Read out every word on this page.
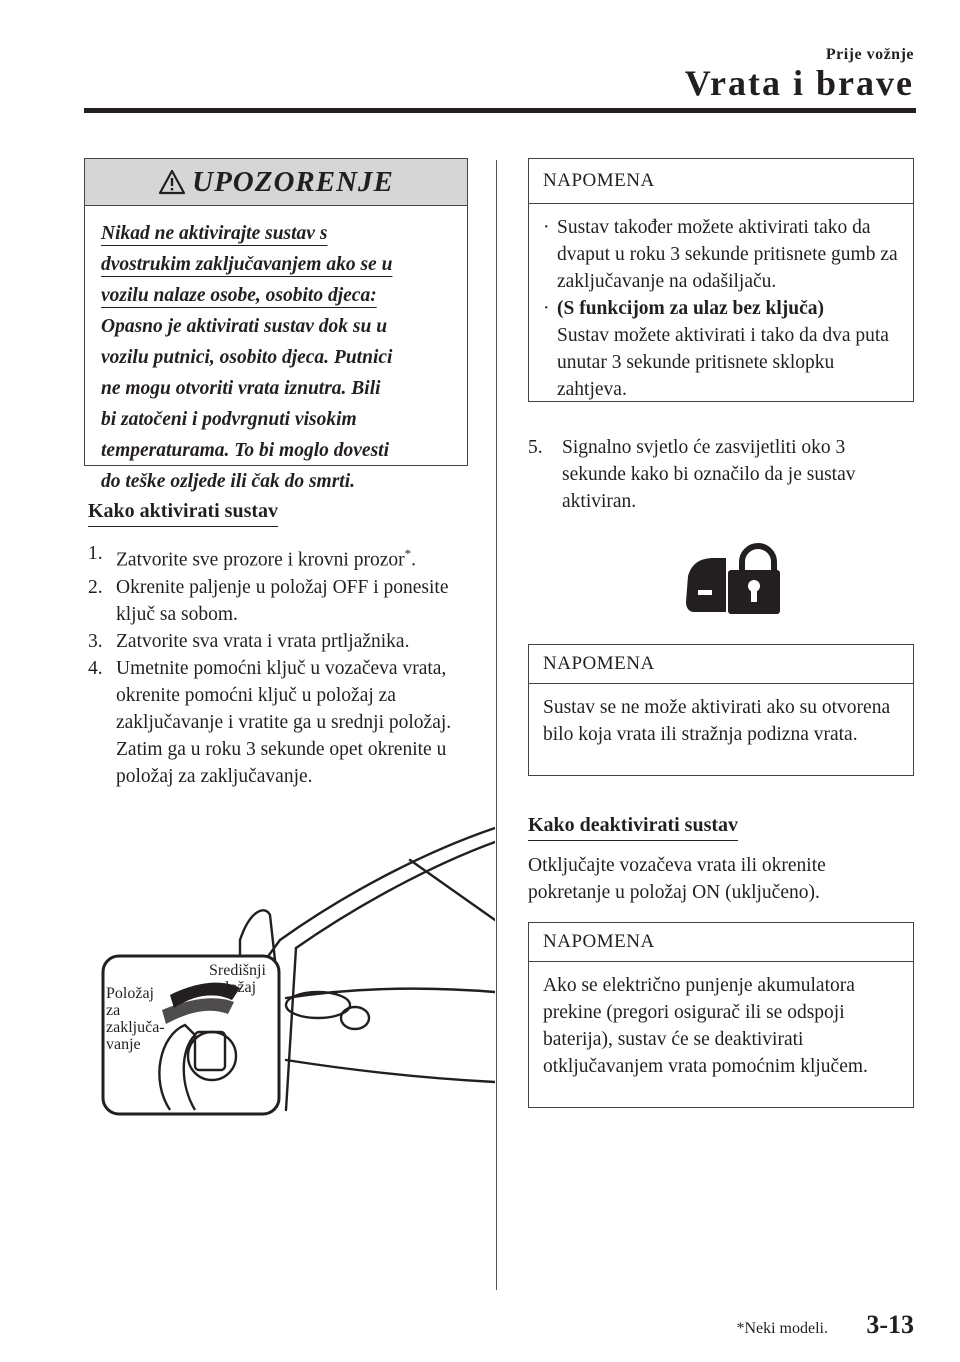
Prije vožnje
Vrata i brave
UPOZORENJE
Nikad ne aktivirajte sustav s
dvostrukim zaključavanjem ako se u
vozilu nalaze osobe, osobito djeca:
Opasno je aktivirati sustav dok su u
vozilu putnici, osobito djeca. Putnici
ne mogu otvoriti vrata iznutra. Bili
bi zatočeni i podvrgnuti visokim
temperaturama. To bi moglo dovesti
do teške ozljede ili čak do smrti.
Kako aktivirati sustav
1. Zatvorite sve prozore i krovni prozor*.
2. Okrenite paljenje u položaj OFF i ponesite ključ sa sobom.
3. Zatvorite sva vrata i vrata prtljažnika.
4. Umetnite pomoćni ključ u vozačeva vrata, okrenite pomoćni ključ u položaj za zaključavanje i vratite ga u srednji položaj. Zatim ga u roku 3 sekunde opet okrenite u položaj za zaključavanje.
Položaj
za
zaključa-
vanje
Središnji
položaj
NAPOMENA
· Sustav također možete aktivirati tako da dvaput u roku 3 sekunde pritisnete gumb za zaključavanje na odašiljaču.
· (S funkcijom za ulaz bez ključa)
Sustav možete aktivirati i tako da dva puta unutar 3 sekunde pritisnete sklopku zahtjeva.
5. Signalno svjetlo će zasvijetliti oko 3 sekunde kako bi označilo da je sustav aktiviran.
NAPOMENA
Sustav se ne može aktivirati ako su otvorena bilo koja vrata ili stražnja podizna vrata.
Kako deaktivirati sustav
Otključajte vozačeva vrata ili okrenite pokretanje u položaj ON (uključeno).
NAPOMENA
Ako se električno punjenje akumulatora prekine (pregori osigurač ili se odspoji baterija), sustav će se deaktivirati otključavanjem vrata pomoćnim ključem.
*Neki modeli. 3-13
